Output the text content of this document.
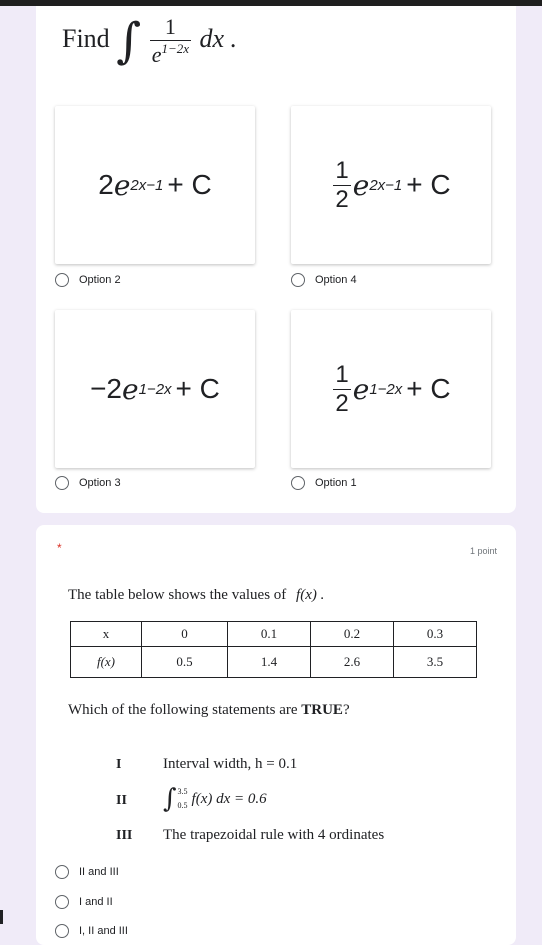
Find ∫ $\frac{1}{e^{1-2x}}$ dx .
2 e 2x−1 + C	$\frac{1}{2}$ e 2x−1 + C
−2 e 1−2x + C	$\frac{1}{2}$ e 1−2x + C
Option 2	Option 4
Option 3	Option 1
*	1 point
The table below shows the values of f(x) .
x	0	0.1	0.2	0.3
f(x)	0.5	1.4	2.6	3.5
Which of the following statements are TRUE?
I	Interval width, h = 0.1
II ∫ 3.5
0.5 f(x) dx = 0.6
III The trapezoidal rule with 4 ordinates
II and III
I and II
I, II and III
